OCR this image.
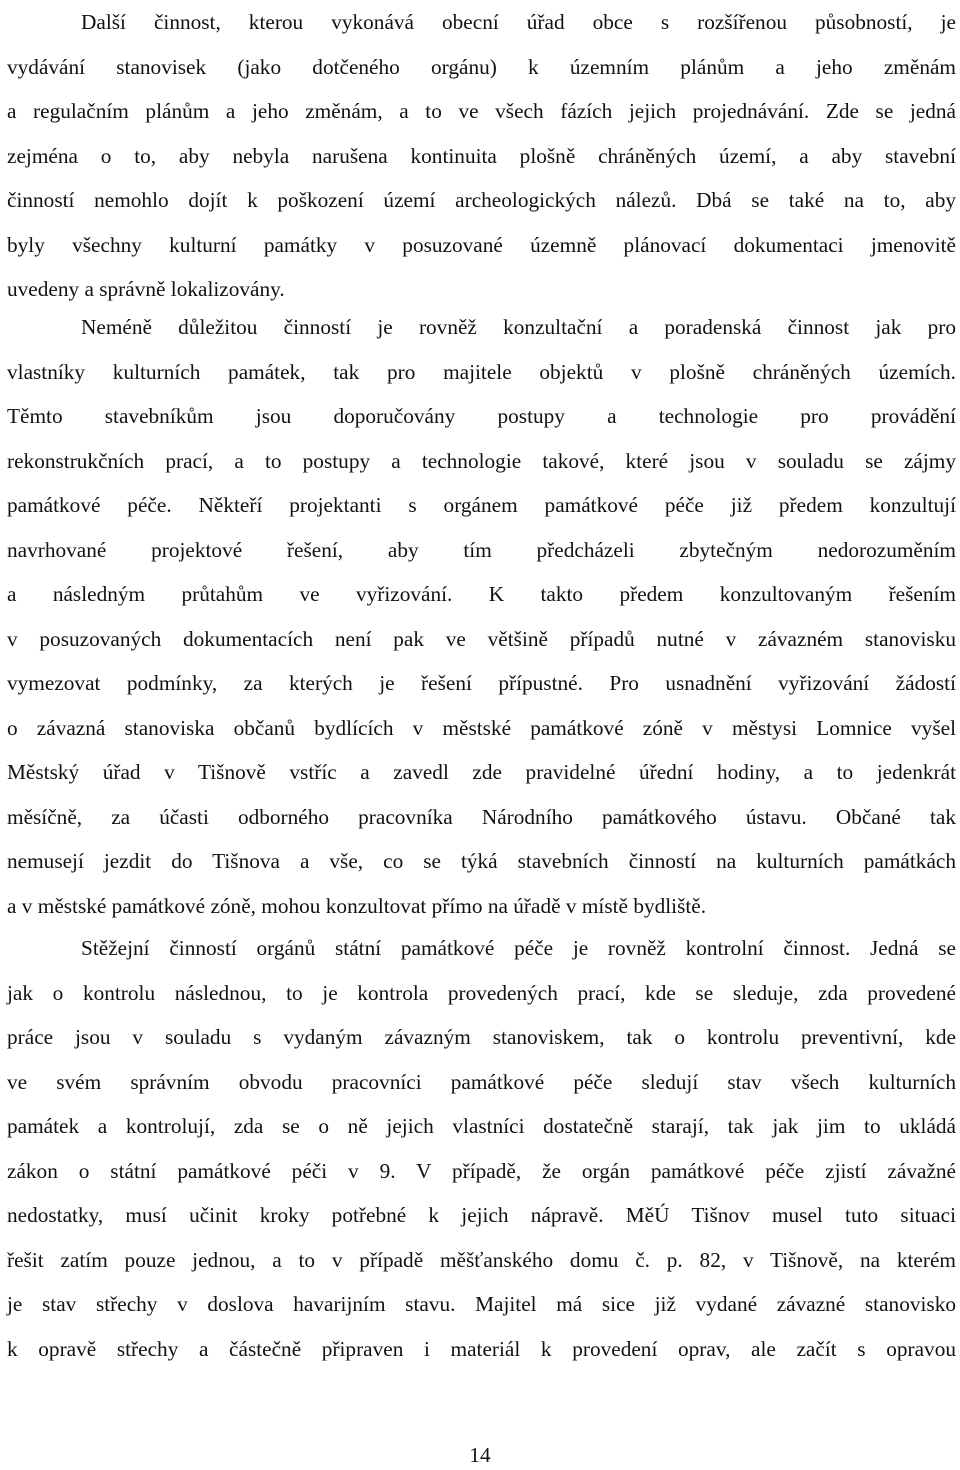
Další činnost, kterou vykonává obecní úřad obce s rozšířenou působností, je
vydávání stanovisek (jako dotčeného orgánu) k územním plánům a jeho změnám
a regulačním plánům a jeho změnám, a to ve všech fázích jejich projednávání. Zde se jedná
zejména o to, aby nebyla narušena kontinuita plošně chráněných území, a aby stavební
činností nemohlo dojít k poškození území archeologických nálezů. Dbá se také na to, aby
byly všechny kulturní památky v posuzované územně plánovací dokumentaci jmenovitě
uvedeny a správně lokalizovány.
Neméně důležitou činností je rovněž konzultační a poradenská činnost jak pro
vlastníky kulturních památek, tak pro majitele objektů v plošně chráněných územích.
Těmto stavebníkům jsou doporučovány postupy a technologie pro provádění
rekonstrukčních prací, a to postupy a technologie takové, které jsou v souladu se zájmy
památkové péče. Někteří projektanti s orgánem památkové péče již předem konzultují
navrhované projektové řešení, aby tím předcházeli zbytečným nedorozuměním
a následným průtahům ve vyřizování. K takto předem konzultovaným řešením
v posuzovaných dokumentacích není pak ve většině případů nutné v závazném stanovisku
vymezovat podmínky, za kterých je řešení přípustné. Pro usnadnění vyřizování žádostí
o závazná stanoviska občanů bydlících v městské památkové zóně v městysi Lomnice vyšel
Městský úřad v Tišnově vstříc a zavedl zde pravidelné úřední hodiny, a to jedenkrát
měsíčně, za účasti odborného pracovníka Národního památkového ústavu. Občané tak
nemusejí jezdit do Tišnova a vše, co se týká stavebních činností na kulturních památkách
a v městské památkové zóně, mohou konzultovat přímo na úřadě v místě bydliště.
Stěžejní činností orgánů státní památkové péče je rovněž kontrolní činnost. Jedná se
jak o kontrolu následnou, to je kontrola provedených prací, kde se sleduje, zda provedené
práce jsou v souladu s vydaným závazným stanoviskem, tak o kontrolu preventivní, kde
ve svém správním obvodu pracovníci památkové péče sledují stav všech kulturních
památek a kontrolují, zda se o ně jejich vlastníci dostatečně starají, tak jak jim to ukládá
zákon o státní památkové péči v 9. V případě, že orgán památkové péče zjistí závažné
nedostatky, musí učinit kroky potřebné k jejich nápravě. MěÚ Tišnov musel tuto situaci
řešit zatím pouze jednou, a to v případě měšťanského domu č. p. 82, v Tišnově, na kterém
je stav střechy v doslova havarijním stavu. Majitel má sice již vydané závazné stanovisko
k opravě střechy a částečně připraven i materiál k provedení oprav, ale začít s opravou
14
